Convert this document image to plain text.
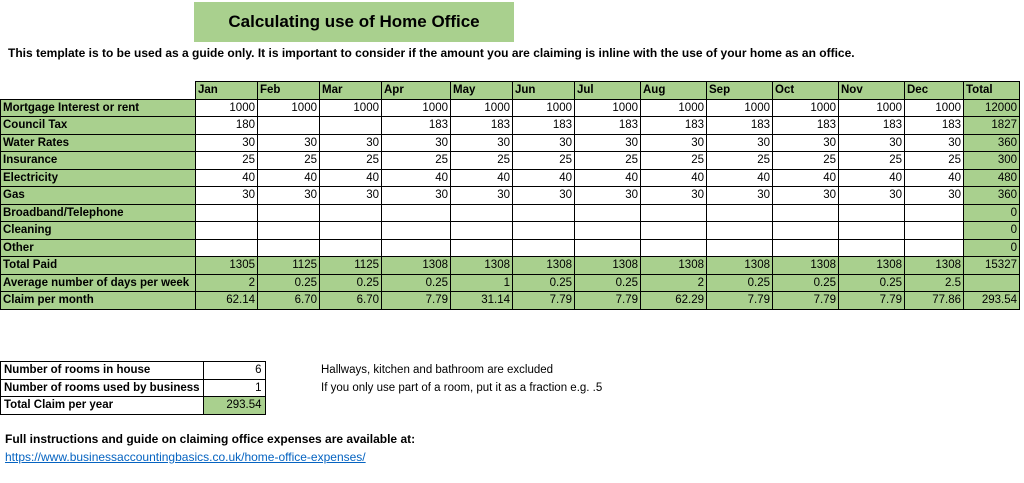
Calculating use of Home Office
This template is to be used as a guide only. It is important to consider if the amount you are claiming is inline with the use of your home as an office.
	Jan	Feb	Mar	Apr	May	Jun	Jul	Aug	Sep	Oct	Nov	Dec	Total
Mortgage Interest or rent	1000	1000	1000	1000	1000	1000	1000	1000	1000	1000	1000	1000	12000
Council Tax	180			183	183	183	183	183	183	183	183	183	1827
Water Rates	30	30	30	30	30	30	30	30	30	30	30	30	360
Insurance	25	25	25	25	25	25	25	25	25	25	25	25	300
Electricity	40	40	40	40	40	40	40	40	40	40	40	40	480
Gas	30	30	30	30	30	30	30	30	30	30	30	30	360
Broadband/Telephone													0
Cleaning													0
Other													0
Total Paid	1305	1125	1125	1308	1308	1308	1308	1308	1308	1308	1308	1308	15327
Average number of days per week	2	0.25	0.25	0.25	1	0.25	0.25	2	0.25	0.25	0.25	2.5	
Claim per month	62.14	6.70	6.70	7.79	31.14	7.79	7.79	62.29	7.79	7.79	7.79	77.86	293.54
Number of rooms in house	6
Number of rooms used by business	1
Total Claim per year	293.54
Hallways, kitchen and bathroom are excluded
If you only use part of a room, put it as a fraction e.g. .5
Full instructions and guide on claiming office expenses are available at:
https://www.businessaccountingbasics.co.uk/home-office-expenses/
